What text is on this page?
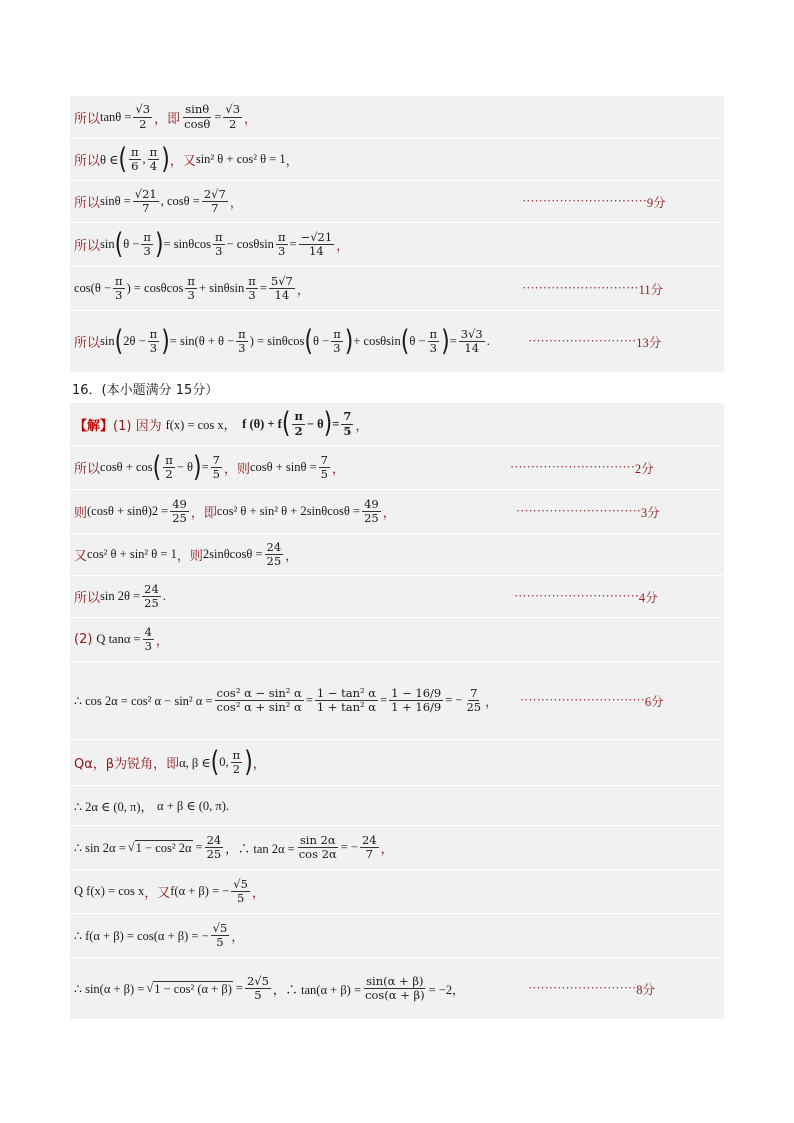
所以 $\tan\theta = \frac{√3}{2}$ ，即 $\frac{\sin\theta}{\cos\theta} = \frac{√3}{2}$ ，
所以 θ ∈ ( $\frac{\pi}{6}$ , $\frac{\pi}{4}$ ) ，又 sin² θ + cos² θ = 1 ，
所以 $\sin\theta = \frac{√21}{7}$ , $\cos\theta = \frac{2√7}{7}$ ，	······························ 9分
所以 sin ( $\theta - \frac{\pi}{3}$ ) = sinθcos $\frac{\pi}{3} - \cos\theta\sin \frac{\pi}{3} = \frac{-√21}{14}$ ，
$\cos(\theta - \frac{\pi}{3}$ ) = cosθcos $\frac{\pi}{3} + \sin\theta\sin \frac{\pi}{3} = \frac{5√7}{14}$ ，	···························· 11分
所以 sin ( $2\theta - \frac{\pi}{3}$ ) = $\sin(\theta + \theta - \frac{\pi}{3}$ ) = sinθcos ( $\theta - \frac{\pi}{3}$ ) + cosθsin ( $\theta - \frac{\pi}{3}$ ) = $\frac{3√3}{14}$ .	·························· 13分
16．(本小题满分 15分）
【解】 (1) 因为 f(x) = cos x， f (θ) + f ( $\frac{\pi}{2} - \theta$ ) = $\frac{7}{5}$ ，
所以 cosθ + cos ( $\frac{\pi}{2} - \theta$ ) = $\frac{7}{5}$ ，则 $\cos\theta + \sin\theta = \frac{7}{5}$ ，	······························ 2分
则 (cosθ + sinθ) $2 = \frac{49}{25}$ ，即 cos² θ + sin² $\theta + 2\sin\theta\cos\theta = \frac{49}{25}$ ，	······························ 3分
又 cos² θ + sin² θ = 1 ，则 $2\sin\theta\cos\theta = \frac{24}{25}$ ，
所以 $\sin 2\theta = \frac{24}{25}$ .	······························ 4分
(2) Q $\tan\alpha = \frac{4}{3}$ ，
∴ cos 2α = cos² α − sin² $\alpha = \frac{\text{cos² α − sin² α}}{\text{cos² α + sin² α}} = \frac{\text{1 − tan² α}}{\text{1 + tan² α}} = \frac{1 - 16/9}{1 + 16/9}$ = − $\frac{7}{25}$ ， ······························ 6分
Qα，β为锐角，即 α, β ∈ ( 0, $\frac{\pi}{2}$ ) ，
∴ 2α ∈ (0, π)， α + β ∈ (0, π).
∴ sin 2α = √ 1 − cos² $2\alpha = \frac{24}{25}$ ，∴ $\tan 2\alpha = \frac{\sin 2\alpha}{\cos 2\alpha}$ = − $\frac{24}{7}$ ，
Q f(x) = cos x ，又 f(α + β) = − $\frac{√5}{5}$ ，
∴ f(α + β) = cos(α + β) = − $\frac{√5}{5}$ ，
∴ sin(α + β) = √ 1 − cos² $(\alpha + \beta) = \frac{2√5}{5}$ ，∴ $\tan(\alpha + \beta) = \frac{\sin(\alpha + \beta)}{\cos(\alpha + \beta)} = -2$，	·························· 8分
